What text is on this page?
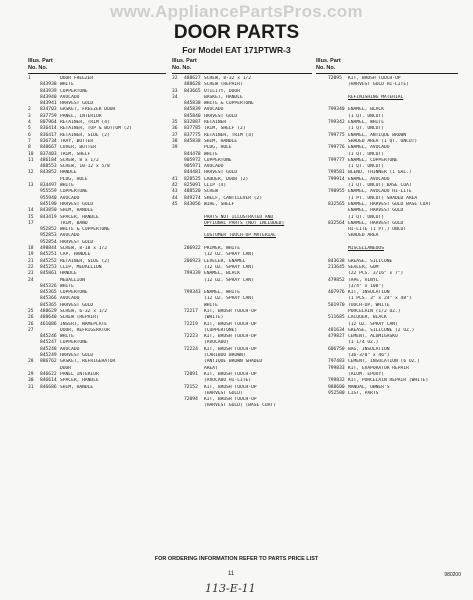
www.AppliancePartsPros.com
DOOR PARTS
For Model EAT 171PTWR-3
Illus. Part
No. No.
1	DOOR FREEZER
843938 WHITE
843939 COPPERTONE
843940 AVOCADO
843941 HARVEST GOLD
2	834703 GASKET, FREEZER DOOR
3	837759 PANEL, INTERIOR
4	807964 RETAINER, TRIM (4)
5	836414 RETAINER, TOP & BOTTOM (2)
6	836417 RETAINER, SIDE (2)
7	836734 TRAY, BUTTER
8	848667 COVER, BUTTER
10	837403 TRIM, SHELF
11	486184 SCREW, 8 x 1/2
488553 SCREW, 10-12 x 5/8
12	843852 HANDLE
PLUG, HOLE
13	834497 WHITE
955559 COPPERTONE
955940 AVOCADO
845190 HARVEST GOLD
14	843850 SHIM, HANDLE
15	843419 SPACER, HANDLE
17	TRIM, BAND
952852 WHITE & COPPERTONE
952853 AVOCADO
952854 HARVEST GOLD
18	498844 SCREW, 8-18 x 1/2
19	845251 CAP, HANDLE
21	845252 RETAINER, SIDE (2)
22	845253 CLIP, MEDALLION
23	845861 HANDLE
24	MEDALLION
845326 WHITE
845365 COPPERTONE
845366 AVOCADO
845365 HARVEST GOLD
25	488629 SCREW, 6-32 x 1/2
26	488640 SCREW (REPAIR)
26	461086 INSERT, NAMEPLATE
27	DOOR, REFRIGERATOR
845246 WHITE
845247 COPPERTONE
845248 AVOCADO
845249 HARVEST GOLD
28	886762 GASKET, REFRIGERATOR
DOOR
29	846622 PANEL INTERIOR
30	846614 SPACER, HANDLE
31	846686 SHIM, HANDLE
Illus. Part
No. No.
32	488627 SCREW, 8-32 x 1/2
488628 SCREW (REPAIR)
33	843665 UTILITY, DOOR
34	BASKET, HANDLE
845838 WHITE & COPPERTONE
845839 AVOCADO
845840 HARVEST GOLD
35	832887 RETAINER
36	837785 TRIM, SHELF (2)
37	837775 RETAINER, TRIM (4)
38	845838 SHIM, HANDLE
39	PLUG, HOLE
844478 WHITE
905972 COPPERTONE
905971 AVOCADO
844481 HARVEST GOLD
41	828525 LADDER, DOOR (2)
42	825091 CLIP (4)
43	488520 SCREW
44	849274 SHELF, CANTILEVER (2)
45	843056 WIRE, SHELF

PARTS NOT ILLUSTRATED AND
OPTIONAL PARTS (NOT INCLUDED)

CUSTOMER TOUCH-UP MATERIAL

206922 PRIMER, WHITE
(12 OZ. SPRAY CAN)
206923 LEVELER, ENAMEL
(12 OZ. SPRAY CAN)
799339 ENAMEL, BLACK
(12 OZ. SPRAY CAN)

799343 ENAMEL, WHITE
(12 OZ. SPRAY CAN)
WHITE
72217	KIT, BRUSH TOUCH-UP
(WHITE)
72219	KIT, BRUSH TOUCH-UP
(COPPERTONE)
72223	KIT, BRUSH TOUCH-UP
(AVOCADO)
72224	KIT, BRUSH TOUCH-UP
(CARIBOU BROWN)
(ANTIQUE BROWN SHADED
AREA)
72091	KIT, BRUSH TOUCH-UP
(AVOCADO HI-LITE)
72152	KIT, BRUSH TOUCH-UP
(HARVEST GOLD)
72094	KIT, BRUSH TOUCH-UP
(HARVEST GOLD) (BASE COAT)
Illus. Part
No. No.
72095	KIT, BRUSH TOUCH-UP
(HARVEST GOLD HI-LITE)

REFINISHING MATERIAL

799340 ENAMEL, BLACK
(1 QT. UNCUT)
799342 ENAMEL, WHITE
(1 QT. UNCUT)
799775 ENAMEL, ANTIQUE BROWN
SHADED AREA (1 QT. UNCUT)
799776 ENAMEL, AVOCADO
(1 QT. UNCUT)
799777 ENAMEL, COPPERTONE
(1 QT. UNCUT)
799581 BLEND, THINNER (1 GAL.)
799914 ENAMEL, AVOCADO
(1 QT. UNCUT) BASE COAT
798955 ENAMEL, AVOCADO HI-LITE
(1 PT. UNCUT) SHADED AREA
832565 ENAMEL, HARVEST GOLD BASE COAT
ENAMEL, HARVEST GOLD
(1 QT. UNCUT)
832564 ENAMEL, HARVEST GOLD
HI-LITE (1 PT.) UNCUT
SHADED AREA

MISCELLANEOUS

843638 GREASE, SILICONE
213645 SEALER, GUM
(22 PCS. 3/16" x 7")
479852 TAPE, VINYL
(3/4" x 108")
407976 KIT, INSULATION
(1 PCS. 3" x 24" x 48")
501970 TOUCH-UP, WHITE
PORCELAIN (1/2 OZ.)
511685 LACQUER, BLACK
(12 OZ. SPRAY CAN)
481634 GREASE, SILICONE (2 OZ.)
479827 CEMENT, ALUMIGASKO
(1 1/4 OZ.)
606750 BAG, INSULATION
(36-3/8" x 46")
797483 CEMENT, INSULATION (6 OZ.)
799833 KIT, EVAPORATOR REPAIR
(ALUM. EPOXY)
799832 KIT, PORCELAIN REPAIR (WHITE)
988600 MANUAL, OWNER'S
952500 LIST, PARTS
FOR ORDERING INFORMATION REFER TO PARTS PRICE LIST
11	980200
113-E-11
